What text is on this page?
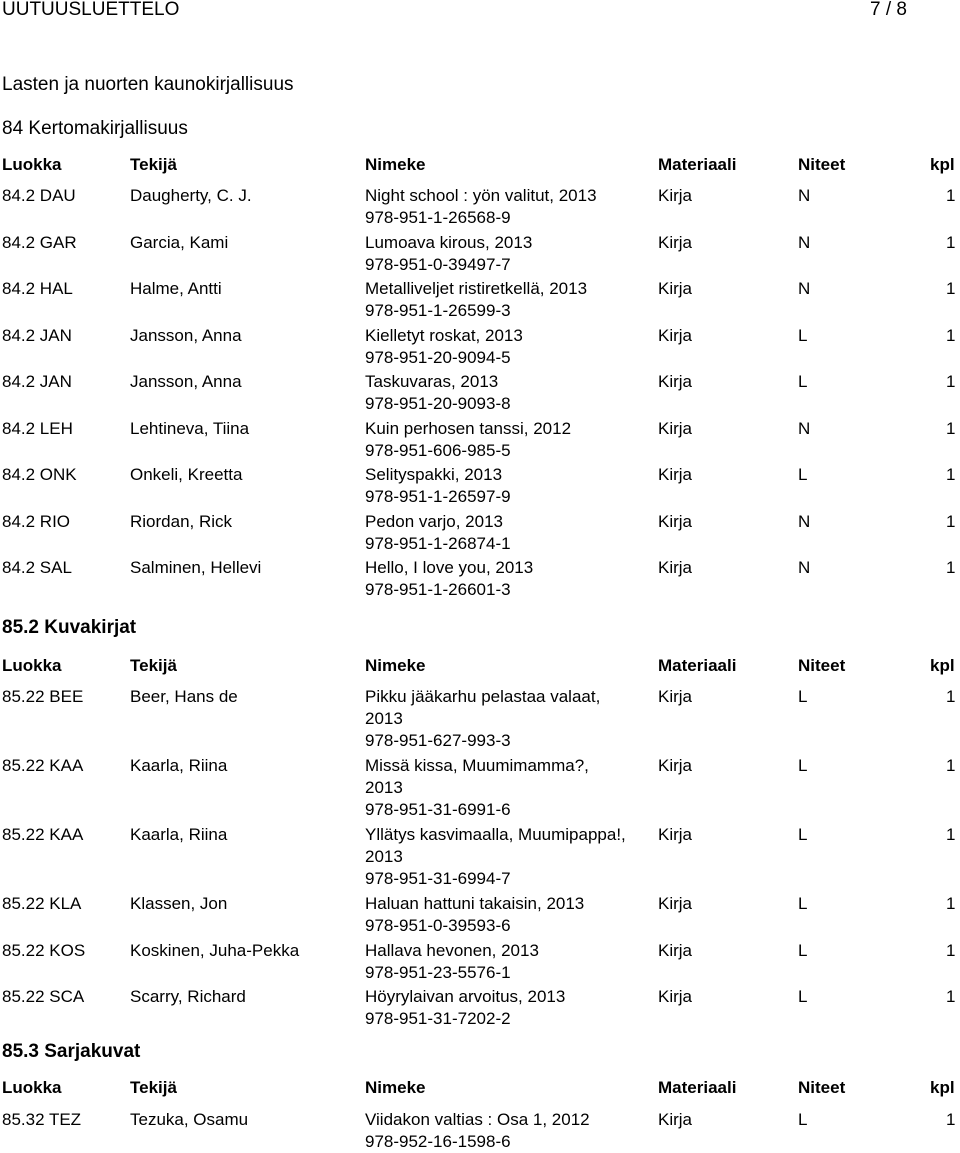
UUTUUSLUETTELO	7 / 8
Lasten ja nuorten kaunokirjallisuus
84 Kertomakirjallisuus
Luokka	Tekijä	Nimeke	Materiaali	Niteet	kpl
84.2 DAU	Daugherty, C. J.	Night school : yön valitut, 2013
978-951-1-26568-9
Kirja	N	1
84.2 GAR	Garcia, Kami	Lumoava kirous, 2013
978-951-0-39497-7
Kirja	N	1
84.2 HAL	Halme, Antti	Metalliveljet ristiretkellä, 2013
978-951-1-26599-3
Kirja	N	1
84.2 JAN	Jansson, Anna	Kielletyt roskat, 2013
978-951-20-9094-5
Kirja	L	1
84.2 JAN	Jansson, Anna	Taskuvaras, 2013
978-951-20-9093-8
Kirja	L	1
84.2 LEH	Lehtineva, Tiina	Kuin perhosen tanssi, 2012
978-951-606-985-5
Kirja	N	1
84.2 ONK	Onkeli, Kreetta	Selityspakki, 2013
978-951-1-26597-9
Kirja	L	1
84.2 RIO	Riordan, Rick	Pedon varjo, 2013
978-951-1-26874-1
Kirja	N	1
84.2 SAL	Salminen, Hellevi	Hello, I love you, 2013
978-951-1-26601-3
Kirja	N	1
85.2 Kuvakirjat
Luokka	Tekijä	Nimeke	Materiaali	Niteet	kpl
85.22 BEE	Beer, Hans de	Pikku jääkarhu pelastaa valaat,
2013
978-951-627-993-3
Kirja	L	1
85.22 KAA	Kaarla, Riina	Missä kissa, Muumimamma?,
2013
978-951-31-6991-6
Kirja	L	1
85.22 KAA	Kaarla, Riina	Yllätys kasvimaalla, Muumipappa!,
2013
978-951-31-6994-7
Kirja	L	1
85.22 KLA	Klassen, Jon	Haluan hattuni takaisin, 2013
978-951-0-39593-6
Kirja	L	1
85.22 KOS	Koskinen, Juha-Pekka	Hallava hevonen, 2013
978-951-23-5576-1
Kirja	L	1
85.22 SCA	Scarry, Richard	Höyrylaivan arvoitus, 2013
978-951-31-7202-2
Kirja	L	1
85.3 Sarjakuvat
Luokka	Tekijä	Nimeke	Materiaali	Niteet	kpl
85.32 TEZ	Tezuka, Osamu	Viidakon valtias : Osa 1, 2012
978-952-16-1598-6
Kirja	L	1
